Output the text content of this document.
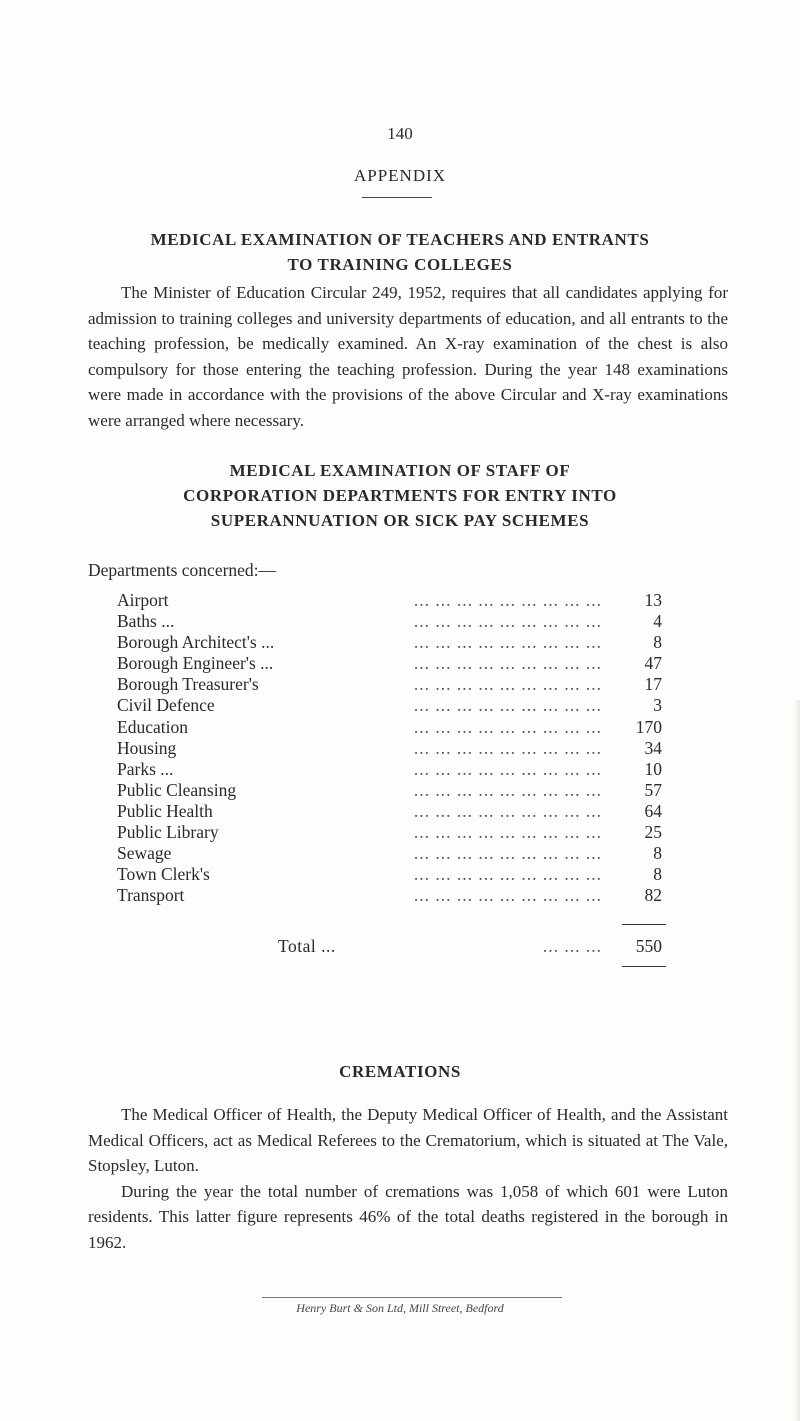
140
APPENDIX
MEDICAL EXAMINATION OF TEACHERS AND ENTRANTS
TO TRAINING COLLEGES

The Minister of Education Circular 249, 1952, requires that all candidates applying for admission to training colleges and university departments of education, and all entrants to the teaching profession, be medically examined. An X-ray examination of the chest is also compulsory for those entering the teaching profession. During the year 148 examinations were made in accordance with the provisions of the above Circular and X-ray examinations were arranged where necessary.

MEDICAL EXAMINATION OF STAFF OF
CORPORATION DEPARTMENTS FOR ENTRY INTO
SUPERANNUATION OR SICK PAY SCHEMES
Departments concerned:—
... ... ... ... ... ... ... ... ...
Airport	13
... ... ... ... ... ... ... ... ...
Baths ...	4
... ... ... ... ... ... ... ... ...
Borough Architect's ...	8
... ... ... ... ... ... ... ... ...
Borough Engineer's ...	47
... ... ... ... ... ... ... ... ...
Borough Treasurer's	17
... ... ... ... ... ... ... ... ...
Civil Defence	3
... ... ... ... ... ... ... ... ...
Education	170
... ... ... ... ... ... ... ... ...
Housing	34
... ... ... ... ... ... ... ... ...
Parks ...	10
... ... ... ... ... ... ... ... ...
Public Cleansing	57
... ... ... ... ... ... ... ... ...
Public Health	64
... ... ... ... ... ... ... ... ...
Public Library	25
... ... ... ... ... ... ... ... ...
Sewage	8
... ... ... ... ... ... ... ... ...
Town Clerk's	8
... ... ... ... ... ... ... ... ...
Transport	82
Total ...	... ... ...	550
CREMATIONS

The Medical Officer of Health, the Deputy Medical Officer of Health, and the Assistant Medical Officers, act as Medical Referees to the Crematorium, which is situated at The Vale, Stopsley, Luton.

During the year the total number of cremations was 1,058 of which 601 were Luton residents. This latter figure represents 46% of the total deaths registered in the borough in 1962.

Henry Burt & Son Ltd, Mill Street, Bedford
